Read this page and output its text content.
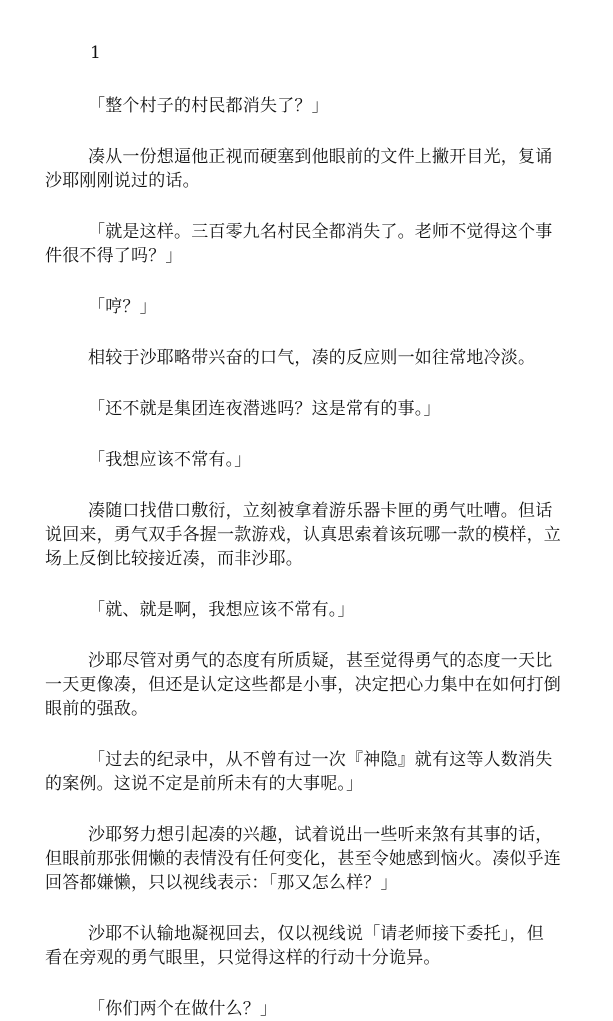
1

「整个村子的村民都消失了？」

凑从一份想逼他正视而硬塞到他眼前的文件上撇开目光，复诵沙耶刚刚说过的话。

「就是这样。三百零九名村民全都消失了。老师不觉得这个事件很不得了吗？」

「哼？」

相较于沙耶略带兴奋的口气，凑的反应则一如往常地冷淡。

「还不就是集团连夜潜逃吗？这是常有的事。」

「我想应该不常有。」

凑随口找借口敷衍，立刻被拿着游乐器卡匣的勇气吐嘈。但话说回来，勇气双手各握一款游戏，认真思索着该玩哪一款的模样，立场上反倒比较接近凑，而非沙耶。

「就、就是啊，我想应该不常有。」

沙耶尽管对勇气的态度有所质疑，甚至觉得勇气的态度一天比一天更像凑，但还是认定这些都是小事，决定把心力集中在如何打倒眼前的强敌。

「过去的纪录中，从不曾有过一次『神隐』就有这等人数消失的案例。这说不定是前所未有的大事呢。」

沙耶努力想引起凑的兴趣，试着说出一些听来煞有其事的话，但眼前那张佣懒的表情没有任何变化，甚至令她感到恼火。凑似乎连回答都嫌懒，只以视线表示：「那又怎么样？」

沙耶不认输地凝视回去，仅以视线说「请老师接下委托」，但看在旁观的勇气眼里，只觉得这样的行动十分诡异。

「你们两个在做什么？」
